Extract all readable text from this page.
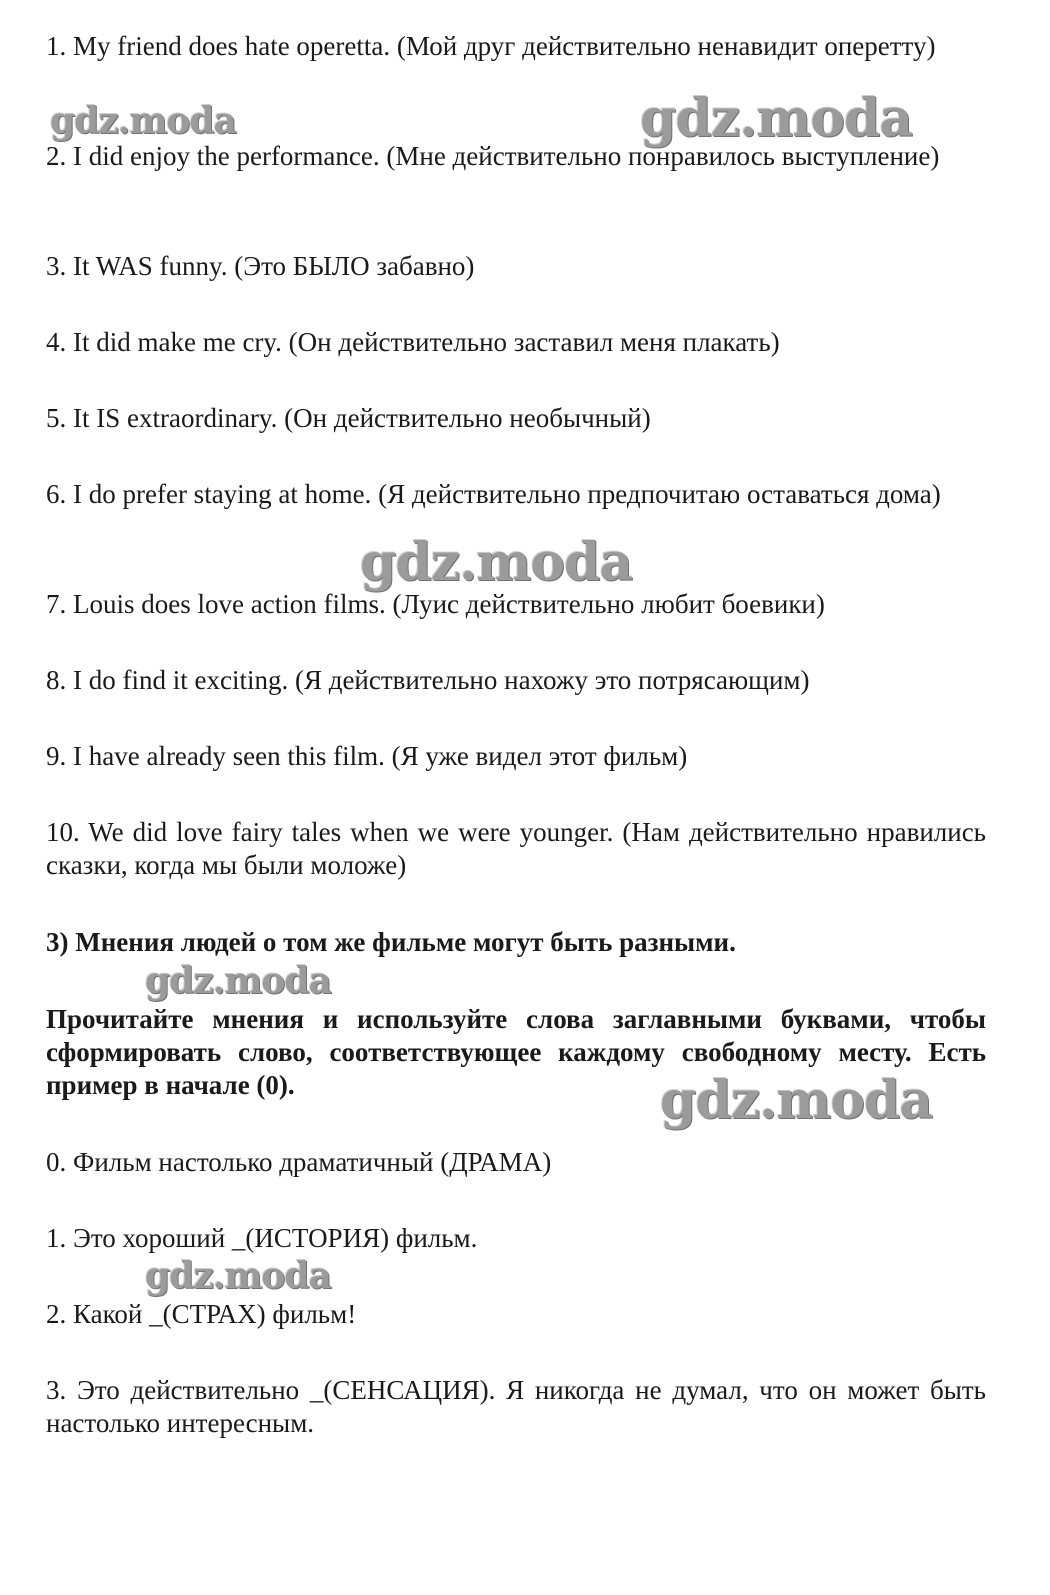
1. My friend does hate operetta. (Мой друг действительно ненавидит оперетту)

2. I did enjoy the performance. (Мне действительно понравилось выступление)

3. It WAS funny. (Это БЫЛО забавно)

4. It did make me cry. (Он действительно заставил меня плакать)

5. It IS extraordinary. (Он действительно необычный)

6. I do prefer staying at home. (Я действительно предпочитаю оставаться дома)

7. Louis does love action films. (Луис действительно любит боевики)

8. I do find it exciting. (Я действительно нахожу это потрясающим)

9. I have already seen this film. (Я уже видел этот фильм)

10. We did love fairy tales when we were younger. (Нам действительно нравились сказки, когда мы были моложе)

3) Мнения людей о том же фильме могут быть разными.

Прочитайте мнения и используйте слова заглавными буквами, чтобы сформировать слово, соответствующее каждому свободному месту. Есть пример в начале (0).

0. Фильм настолько драматичный (ДРАМА)

1. Это хороший _(ИСТОРИЯ) фильм.

2. Какой _(СТРАХ) фильм!

3. Это действительно _(СЕНСАЦИЯ). Я никогда не думал, что он может быть настолько интересным.

gdz.moda	gdz.moda
gdz.moda
gdz.moda
gdz.moda
gdz.moda
